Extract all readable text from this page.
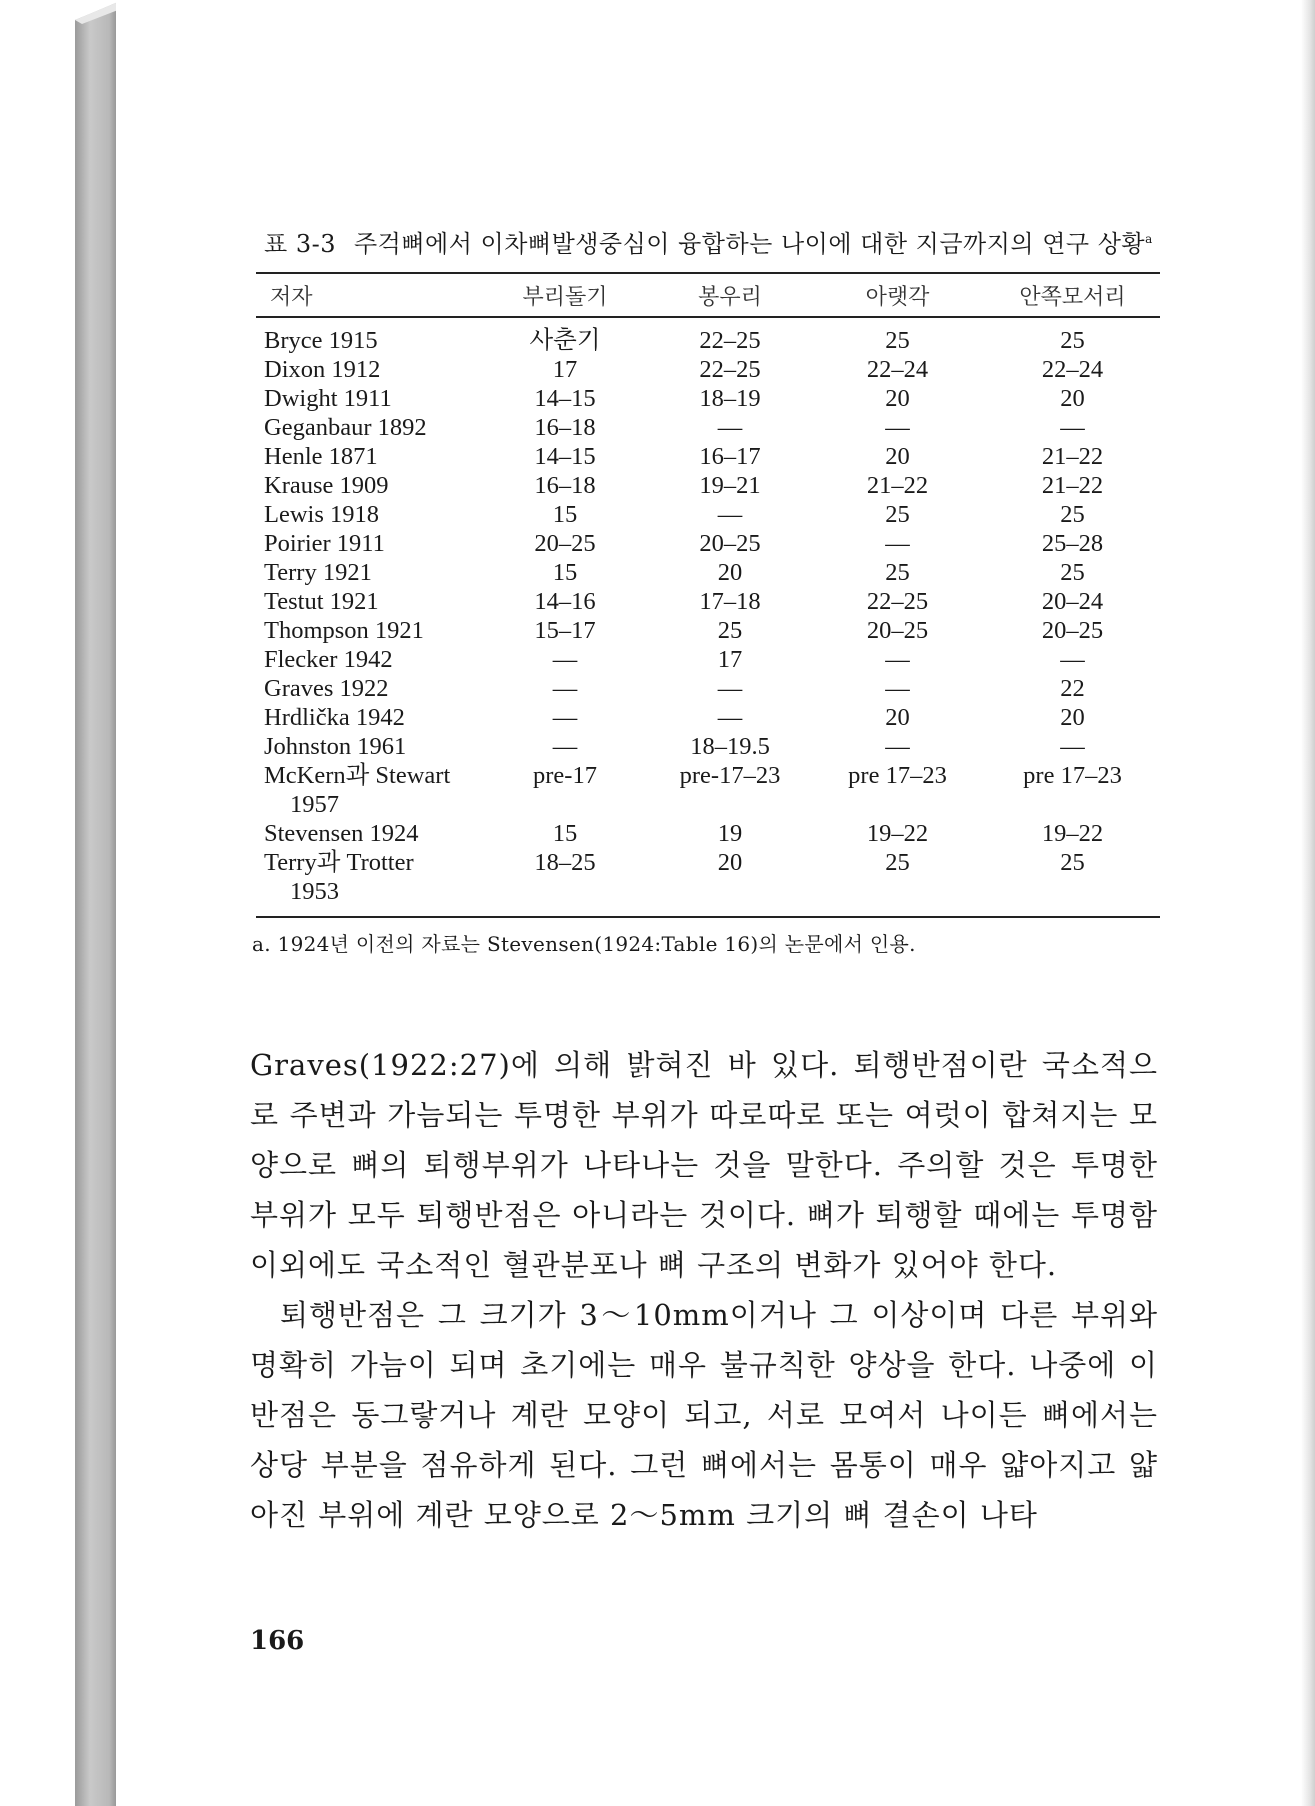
표 3-3 주걱뼈에서 이차뼈발생중심이 융합하는 나이에 대한 지금까지의 연구 상황$^a$
저자	부리돌기	봉우리	아랫각	안쪽모서리

Bryce 1915	사춘기	22–25	25	25
Dixon 1912	17	22–25	22–24	22–24
Dwight 1911	14–15	18–19	20	20
Geganbaur 1892	16–18	—	—	—
Henle 1871	14–15	16–17	20	21–22
Krause 1909	16–18	19–21	21–22	21–22
Lewis 1918	15	—	25	25
Poirier 1911	20–25	20–25	—	25–28
Terry 1921	15	20	25	25
Testut 1921	14–16	17–18	22–25	20–24
Thompson 1921	15–17	25	20–25	20–25
Flecker 1942	—	17	—	—
Graves 1922	—	—	—	22
Hrdlička 1942	—	—	20	20
Johnston 1961	—	18–19.5	—	—
McKern과 Stewart
1957	pre-17	pre-17–23	pre 17–23	pre 17–23
Stevensen 1924	15	19	19–22	19–22
Terry과 Trotter
1953	18–25	20	25	25
a. 1924년 이전의 자료는 Stevensen(1924:Table 16)의 논문에서 인용.

Graves(1922:27)에 의해 밝혀진 바 있다. 퇴행반점이란 국소적으로 주변과 가늠되는 투명한 부위가 따로따로 또는 여럿이 합쳐지는 모양으로 뼈의 퇴행부위가 나타나는 것을 말한다. 주의할 것은 투명한 부위가 모두 퇴행반점은 아니라는 것이다. 뼈가 퇴행할 때에는 투명함 이외에도 국소적인 혈관분포나 뼈 구조의 변화가 있어야 한다.

퇴행반점은 그 크기가 3～10mm이거나 그 이상이며 다른 부위와 명확히 가늠이 되며 초기에는 매우 불규칙한 양상을 한다. 나중에 이 반점은 동그랗거나 계란 모양이 되고, 서로 모여서 나이든 뼈에서는 상당 부분을 점유하게 된다. 그런 뼈에서는 몸통이 매우 얇아지고 얇아진 부위에 계란 모양으로 2～5mm 크기의 뼈 결손이 나타

166
